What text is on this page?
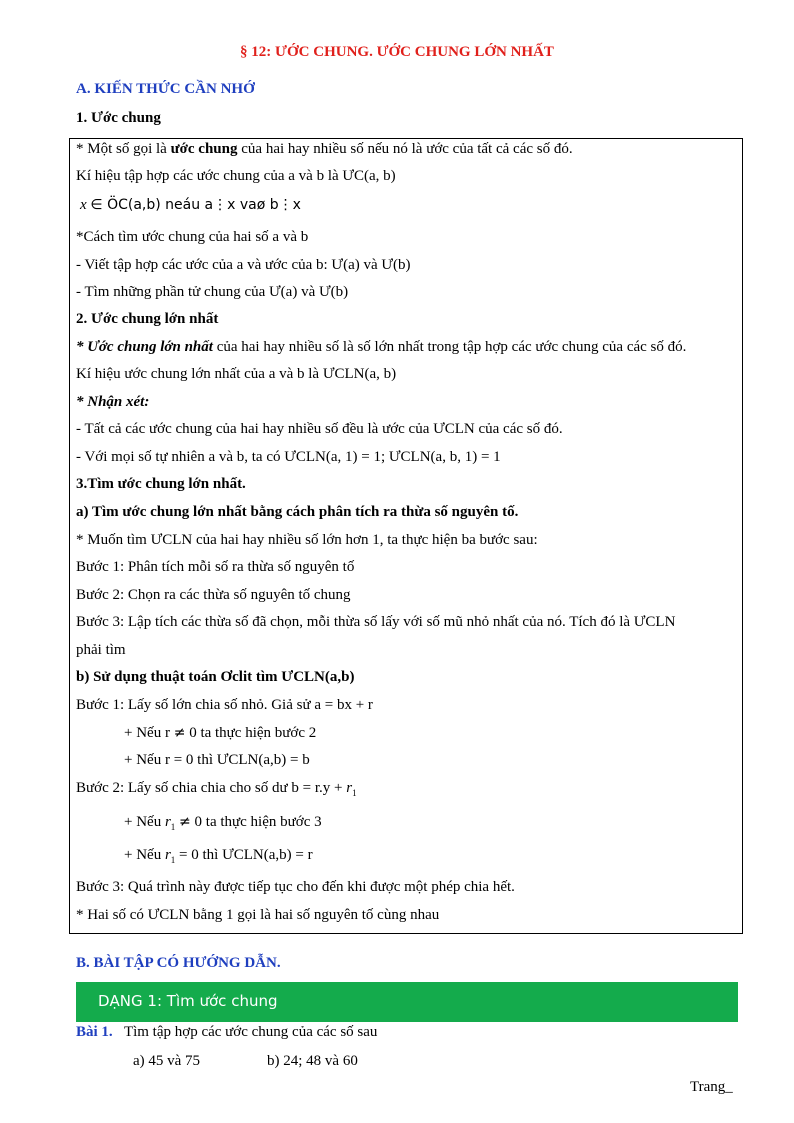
§ 12: ƯỚC CHUNG. ƯỚC CHUNG LỚN NHẤT
A. KIẾN THỨC CẦN NHỚ
1. Ước chung
* Một số gọi là ước chung của hai hay nhiều số nếu nó là ước của tất cả các số đó.
Kí hiệu tập hợp các ước chung của a và b là ƯC(a, b)
x ∈ ÖC(a,b) neáu a⋮x vaø b⋮x
*Cách tìm ước chung của hai số a và b
- Viết tập hợp các ước của a và ước của b: Ư(a) và Ư(b)
- Tìm những phần tử chung của Ư(a) và Ư(b)
2. Ước chung lớn nhất
* Ước chung lớn nhất của hai hay nhiều số là số lớn nhất trong tập hợp các ước chung của các số đó.
Kí hiệu ước chung lớn nhất của a và b là ƯCLN(a, b)
* Nhận xét:
- Tất cả các ước chung của hai hay nhiều số đều là ước của ƯCLN của các số đó.
- Với mọi số tự nhiên a và b, ta có ƯCLN(a, 1) = 1; ƯCLN(a, b, 1) = 1
3.Tìm ước chung lớn nhất.
a) Tìm ước chung lớn nhất bằng cách phân tích ra thừa số nguyên tố.
* Muốn tìm ƯCLN của hai hay nhiều số lớn hơn 1, ta thực hiện ba bước sau:
Bước 1: Phân tích mỗi số ra thừa số nguyên tố
Bước 2: Chọn ra các thừa số nguyên tố chung
Bước 3: Lập tích các thừa số đã chọn, mỗi thừa số lấy với số mũ nhỏ nhất của nó. Tích đó là ƯCLN
phải tìm
b) Sử dụng thuật toán Ơclit tìm ƯCLN(a,b)
Bước 1: Lấy số lớn chia số nhỏ. Giả sử a = bx + r
+ Nếu r ≠ 0 ta thực hiện bước 2
+ Nếu r = 0 thì ƯCLN(a,b) = b
Bước 2: Lấy số chia chia cho số dư $b = r.y + r_1$
+ Nếu $r_1 \ne 0$ ta thực hiện bước 3
+ Nếu $r_1 = 0$ thì ƯCLN(a,b) = r
Bước 3: Quá trình này được tiếp tục cho đến khi được một phép chia hết.
* Hai số có ƯCLN bằng 1 gọi là hai số nguyên tố cùng nhau
B. BÀI TẬP CÓ HƯỚNG DẪN.
DẠNG 1: Tìm ước chung
Bài 1. Tìm tập hợp các ước chung của các số sau
a) 45 và 75	b) 24; 48 và 60
Trang_
